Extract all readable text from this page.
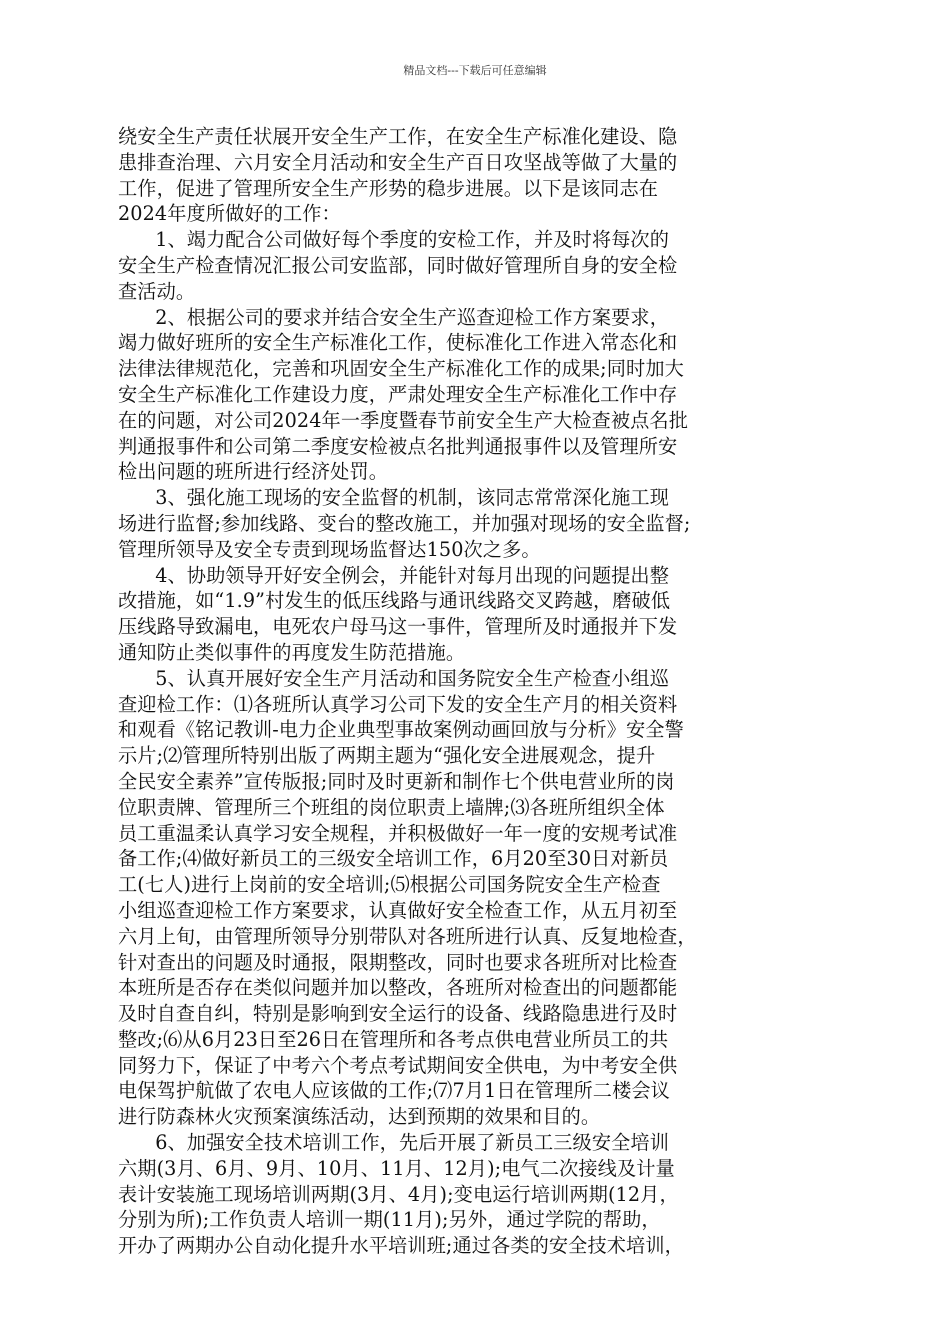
精品文档---下载后可任意编辑
绕安全生产责任状展开安全生产工作，在安全生产标准化建设、隐
患排查治理、六月安全月活动和安全生产百日攻坚战等做了大量的
工作，促进了管理所安全生产形势的稳步进展。以下是该同志在
2024年度所做好的工作：
1、竭力配合公司做好每个季度的安检工作，并及时将每次的
安全生产检查情况汇报公司安监部，同时做好管理所自身的安全检
查活动。
2、根据公司的要求并结合安全生产巡查迎检工作方案要求，
竭力做好班所的安全生产标准化工作，使标准化工作进入常态化和
法律法律规范化，完善和巩固安全生产标准化工作的成果;同时加大
安全生产标准化工作建设力度，严肃处理安全生产标准化工作中存
在的问题，对公司2024年一季度暨春节前安全生产大检查被点名批
判通报事件和公司第二季度安检被点名批判通报事件以及管理所安
检出问题的班所进行经济处罚。
3、强化施工现场的安全监督的机制，该同志常常深化施工现
场进行监督;参加线路、变台的整改施工，并加强对现场的安全监督;
管理所领导及安全专责到现场监督达150次之多。
4、协助领导开好安全例会，并能针对每月出现的问题提出整
改措施，如“1.9”村发生的低压线路与通讯线路交叉跨越，磨破低
压线路导致漏电，电死农户母马这一事件，管理所及时通报并下发
通知防止类似事件的再度发生防范措施。
5、认真开展好安全生产月活动和国务院安全生产检查小组巡
查迎检工作：⑴各班所认真学习公司下发的安全生产月的相关资料
和观看《铭记教训-电力企业典型事故案例动画回放与分析》安全警
示片;⑵管理所特别出版了两期主题为“强化安全进展观念，提升
全民安全素养”宣传版报;同时及时更新和制作七个供电营业所的岗
位职责牌、管理所三个班组的岗位职责上墙牌;⑶各班所组织全体
员工重温柔认真学习安全规程，并积极做好一年一度的安规考试准
备工作;⑷做好新员工的三级安全培训工作，6月20至30日对新员
工(七人)进行上岗前的安全培训;⑸根据公司国务院安全生产检查
小组巡查迎检工作方案要求，认真做好安全检查工作，从五月初至
六月上旬，由管理所领导分别带队对各班所进行认真、反复地检查，
针对查出的问题及时通报，限期整改，同时也要求各班所对比检查
本班所是否存在类似问题并加以整改，各班所对检查出的问题都能
及时自查自纠，特别是影响到安全运行的设备、线路隐患进行及时
整改;⑹从6月23日至26日在管理所和各考点供电营业所员工的共
同努力下，保证了中考六个考点考试期间安全供电，为中考安全供
电保驾护航做了农电人应该做的工作;⑺7月1日在管理所二楼会议
进行防森林火灾预案演练活动，达到预期的效果和目的。
6、加强安全技术培训工作，先后开展了新员工三级安全培训
六期(3月、6月、9月、10月、11月、12月);电气二次接线及计量
表计安装施工现场培训两期(3月、4月);变电运行培训两期(12月，
分别为所);工作负责人培训一期(11月);另外，通过学院的帮助，
开办了两期办公自动化提升水平培训班;通过各类的安全技术培训，
